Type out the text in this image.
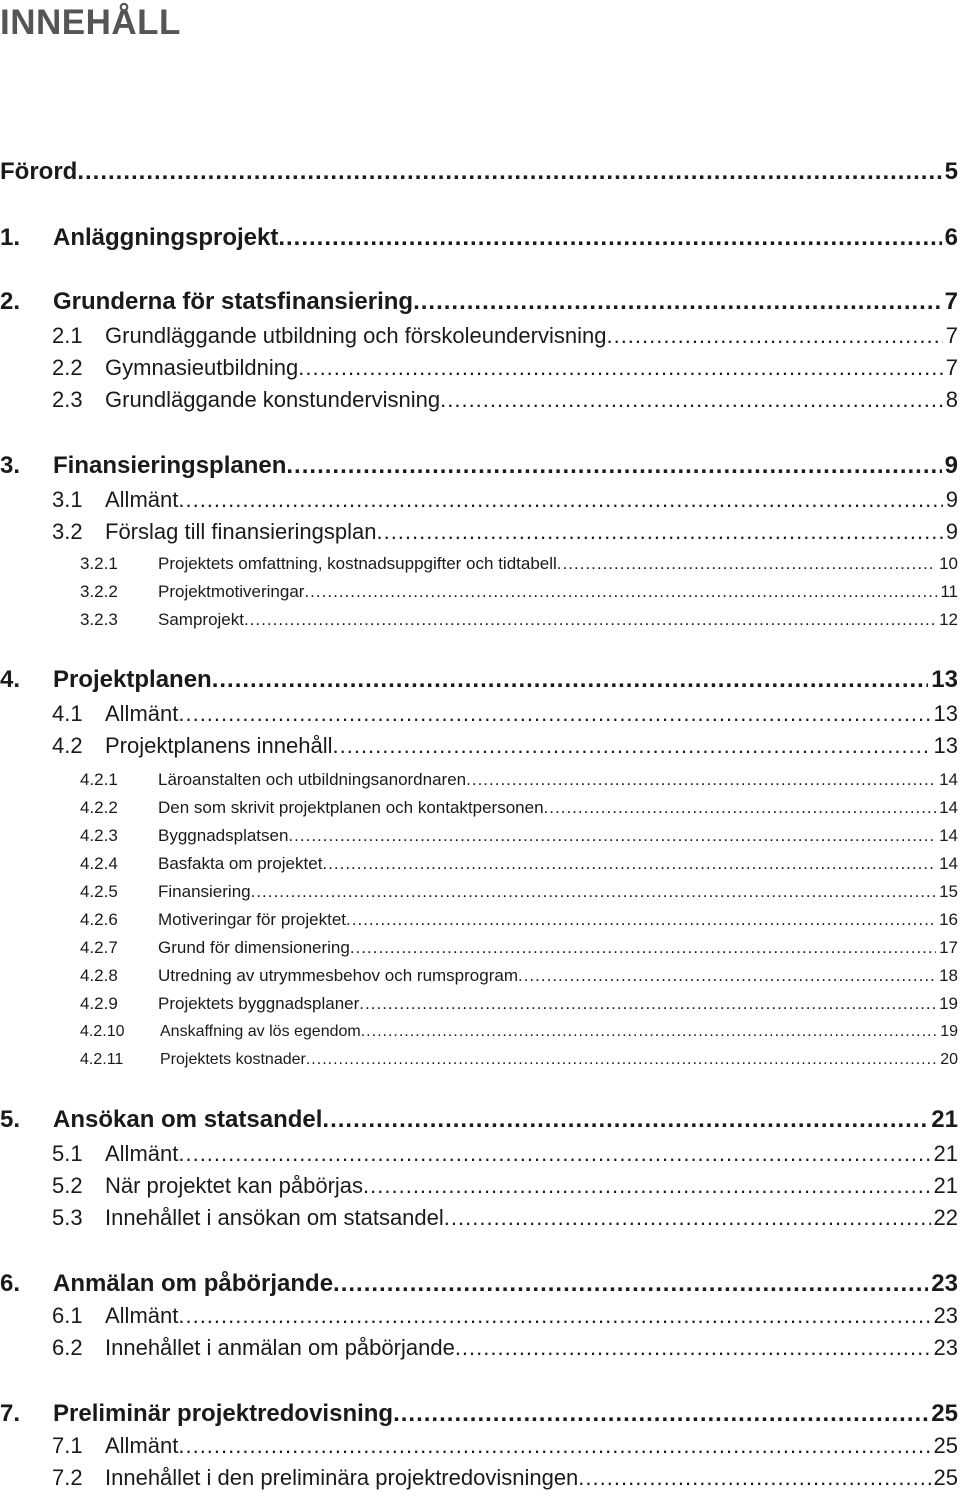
INNEHÅLL
Förord .....	5
1.	Anläggningsprojekt .....	6
2.	Grunderna för statsfinansiering .....	7
2.1	Grundläggande utbildning och förskoleundervisning .....	7
2.2	Gymnasieutbildning .....	7
2.3	Grundläggande konstundervisning .....	8
3.	Finansieringsplanen .....	9
3.1	Allmänt .....	9
3.2	Förslag till finansieringsplan .....	9
3.2.1	Projektets omfattning, kostnadsuppgifter och tidtabell .....	10
3.2.2	Projektmotiveringar .....	11
3.2.3	Samprojekt .....	12
4.	Projektplanen .....	13
4.1	Allmänt .....	13
4.2	Projektplanens innehåll .....	13
4.2.1	Läroanstalten och utbildningsanordnaren .....	14
4.2.2	Den som skrivit projektplanen och kontaktpersonen .....	14
4.2.3	Byggnadsplatsen .....	14
4.2.4	Basfakta om projektet .....	14
4.2.5	Finansiering .....	15
4.2.6	Motiveringar för projektet .....	16
4.2.7	Grund för dimensionering .....	17
4.2.8	Utredning av utrymmesbehov och rumsprogram .....	18
4.2.9	Projektets byggnadsplaner .....	19
4.2.10	Anskaffning av lös egendom .....	19
4.2.11	Projektets kostnader .....	20
5.	Ansökan om statsandel .....	21
5.1	Allmänt .....	21
5.2	När projektet kan påbörjas .....	21
5.3	Innehållet i ansökan om statsandel .....	22
6.	Anmälan om påbörjande .....	23
6.1	Allmänt .....	23
6.2	Innehållet i anmälan om påbörjande .....	23
7.	Preliminär projektredovisning .....	25
7.1	Allmänt .....	25
7.2	Innehållet i den preliminära projektredovisningen .....	25
